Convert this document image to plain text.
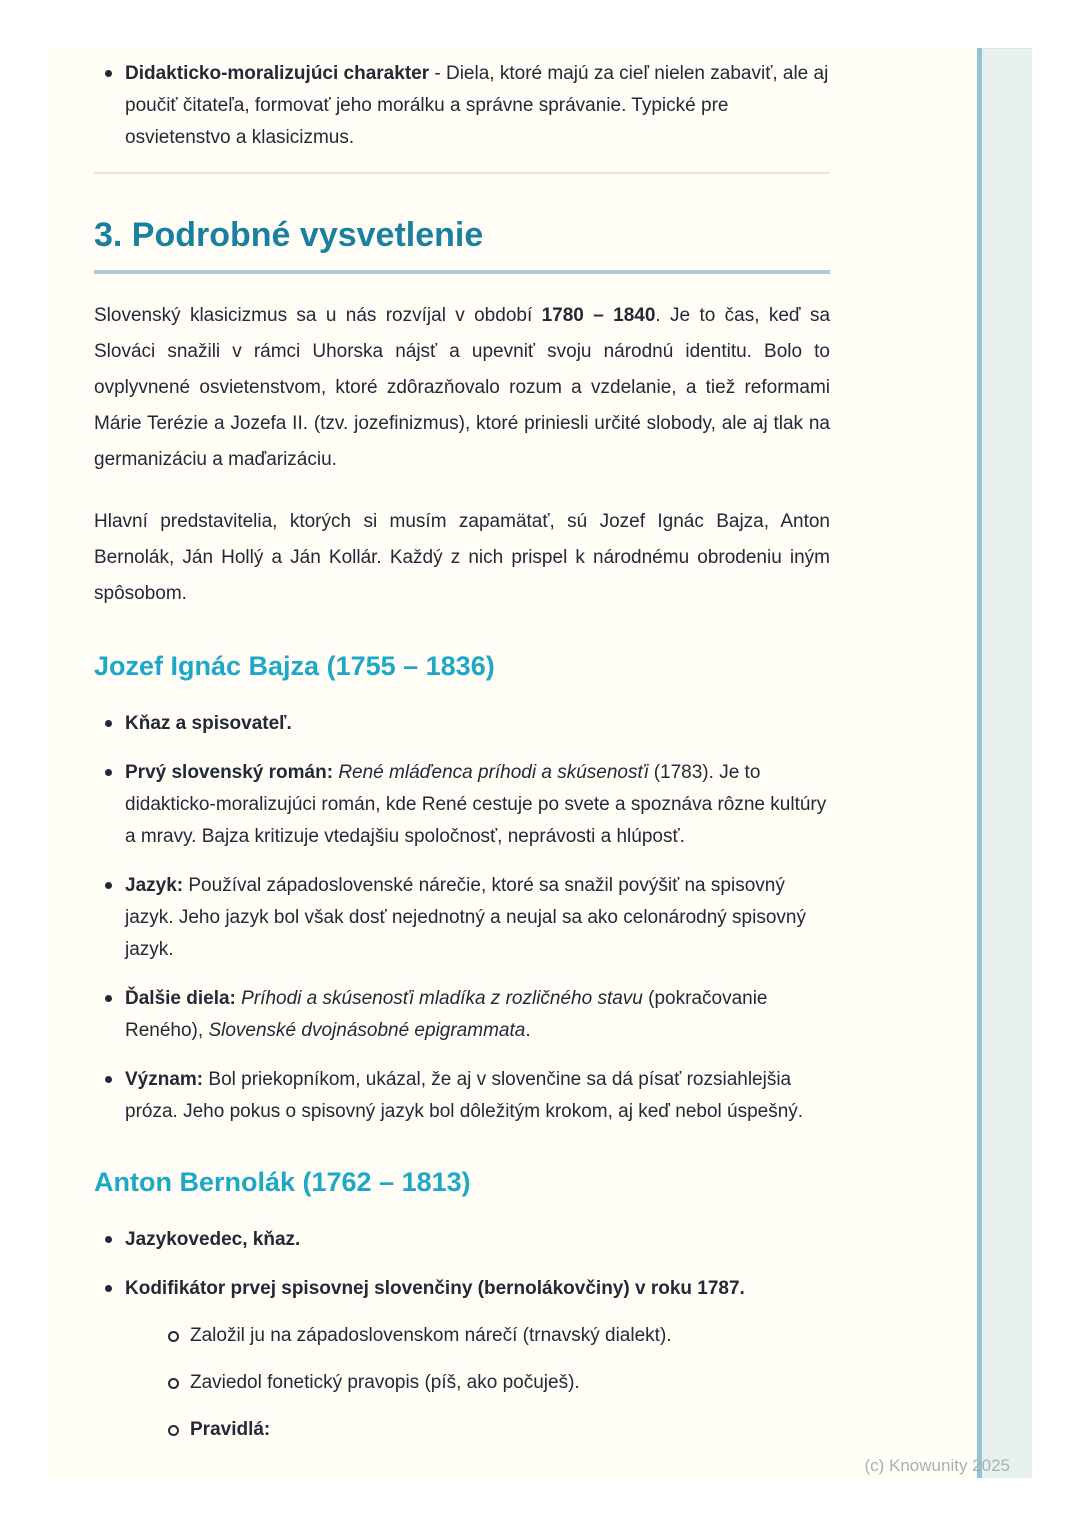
Didakticko-moralizujúci charakter - Diela, ktoré majú za cieľ nielen zabaviť, ale aj poučiť čitateľa, formovať jeho morálku a správne správanie. Typické pre osvietenstvo a klasicizmus.
3. Podrobné vysvetlenie

Slovenský klasicizmus sa u nás rozvíjal v období 1780 – 1840. Je to čas, keď sa Slováci snažili v rámci Uhorska nájsť a upevniť svoju národnú identitu. Bolo to ovplyvnené osvietenstvom, ktoré zdôrazňovalo rozum a vzdelanie, a tiež reformami Márie Terézie a Jozefa II. (tzv. jozefinizmus), ktoré priniesli určité slobody, ale aj tlak na germanizáciu a maďarizáciu.

Hlavní predstavitelia, ktorých si musím zapamätať, sú Jozef Ignác Bajza, Anton Bernolák, Ján Hollý a Ján Kollár. Každý z nich prispel k národnému obrodeniu iným spôsobom.

Jozef Ignác Bajza (1755 – 1836)
Kňaz a spisovateľ.
Prvý slovenský román: René mláďenca príhodi a skúsenosťi (1783). Je to didakticko-moralizujúci román, kde René cestuje po svete a spoznáva rôzne kultúry a mravy. Bajza kritizuje vtedajšiu spoločnosť, neprávosti a hlúposť.
Jazyk: Používal západoslovenské nárečie, ktoré sa snažil povýšiť na spisovný jazyk. Jeho jazyk bol však dosť nejednotný a neujal sa ako celonárodný spisovný jazyk.
Ďalšie diela: Príhodi a skúsenosťi mladíka z rozličného stavu (pokračovanie Reného), Slovenské dvojnásobné epigrammata.
Význam: Bol priekopníkom, ukázal, že aj v slovenčine sa dá písať rozsiahlejšia próza. Jeho pokus o spisovný jazyk bol dôležitým krokom, aj keď nebol úspešný.
Anton Bernolák (1762 – 1813)
Jazykovedec, kňaz.
Kodifikátor prvej spisovnej slovenčiny (bernolákovčiny) v roku 1787.
Založil ju na západoslovenskom nárečí (trnavský dialekt).
Zaviedol fonetický pravopis (píš, ako počuješ).
Pravidlá:
(c) Knowunity 2025
